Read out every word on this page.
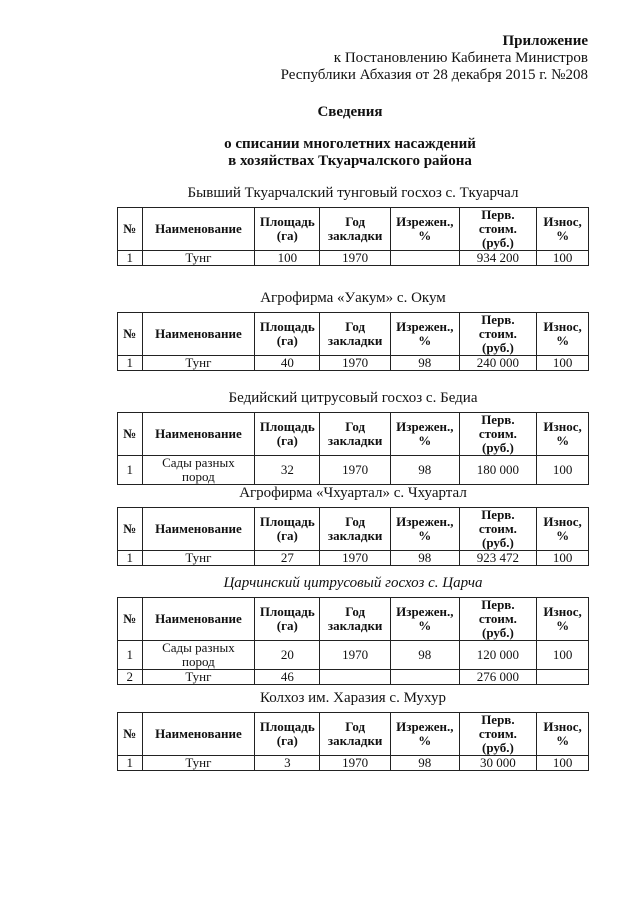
Приложение
к Постановлению Кабинета Министров
Республики Абхазия от 28 декабря 2015 г. №208
Сведения
о списании многолетних насаждений
в хозяйствах Ткуарчалского района
Бывший Ткуарчалский тунговый госхоз с. Ткуарчал
№	Наименование	Площадь (га)	Год закладки	Изрежен., %	Перв. стоим. (руб.)	Износ, %
1	Тунг	100	1970		934 200	100
Агрофирма «Уакум» с. Окум
№	Наименование	Площадь (га)	Год закладки	Изрежен., %	Перв. стоим. (руб.)	Износ, %
1	Тунг	40	1970	98	240 000	100
Бедийский цитрусовый госхоз с. Бедиа
№	Наименование	Площадь (га)	Год закладки	Изрежен., %	Перв. стоим. (руб.)	Износ, %
1	Сады разных пород	32	1970	98	180 000	100
Агрофирма «Чхуартал» с. Чхуартал
№	Наименование	Площадь (га)	Год закладки	Изрежен., %	Перв. стоим. (руб.)	Износ, %
1	Тунг	27	1970	98	923 472	100
Царчинский цитрусовый госхоз с. Царча
№	Наименование	Площадь (га)	Год закладки	Изрежен., %	Перв. стоим. (руб.)	Износ, %
1	Сады разных пород	20	1970	98	120 000	100
2	Тунг	46			276 000	
Колхоз им. Харазия с. Мухур
№	Наименование	Площадь (га)	Год закладки	Изрежен., %	Перв. стоим. (руб.)	Износ, %
1	Тунг	3	1970	98	30 000	100
